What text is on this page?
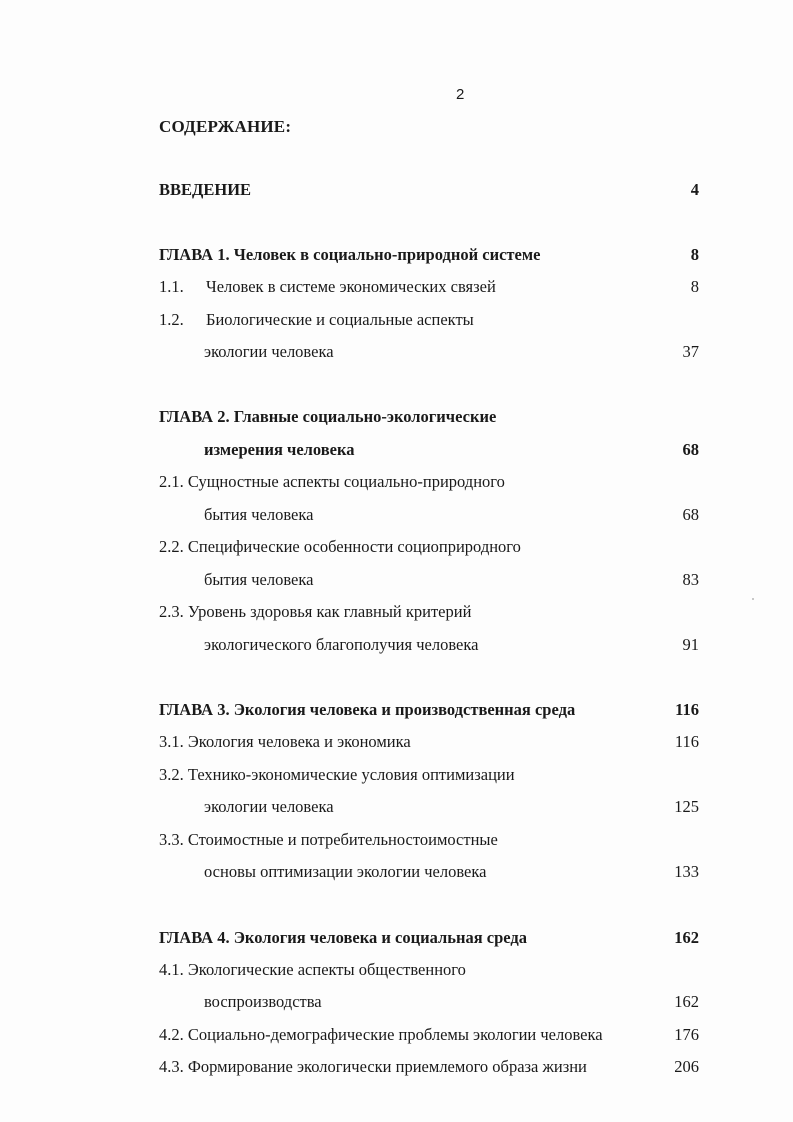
2
СОДЕРЖАНИЕ:
ВВЕДЕНИЕ	4
ГЛАВА 1. Человек в социально-природной системе	8
1.1. Человек в системе экономических связей	8
1.2. Биологические и социальные аспекты
экологии человека	37
ГЛАВА 2. Главные социально-экологические
измерения человека	68
2.1. Сущностные аспекты социально-природного
бытия человека	68
2.2. Специфические особенности социоприродного
бытия человека	83
2.3. Уровень здоровья как главный критерий
экологического благополучия человека	91
ГЛАВА 3. Экология человека и производственная среда	116
3.1. Экология человека и экономика	116
3.2. Технико-экономические условия оптимизации
экологии человека	125
3.3. Стоимостные и потребительностоимостные
основы оптимизации экологии человека	133
ГЛАВА 4. Экология человека и социальная среда	162
4.1. Экологические аспекты общественного
воспроизводства	162
4.2. Социально-демографические проблемы экологии человека	176
4.3. Формирование экологически приемлемого образа жизни	206
